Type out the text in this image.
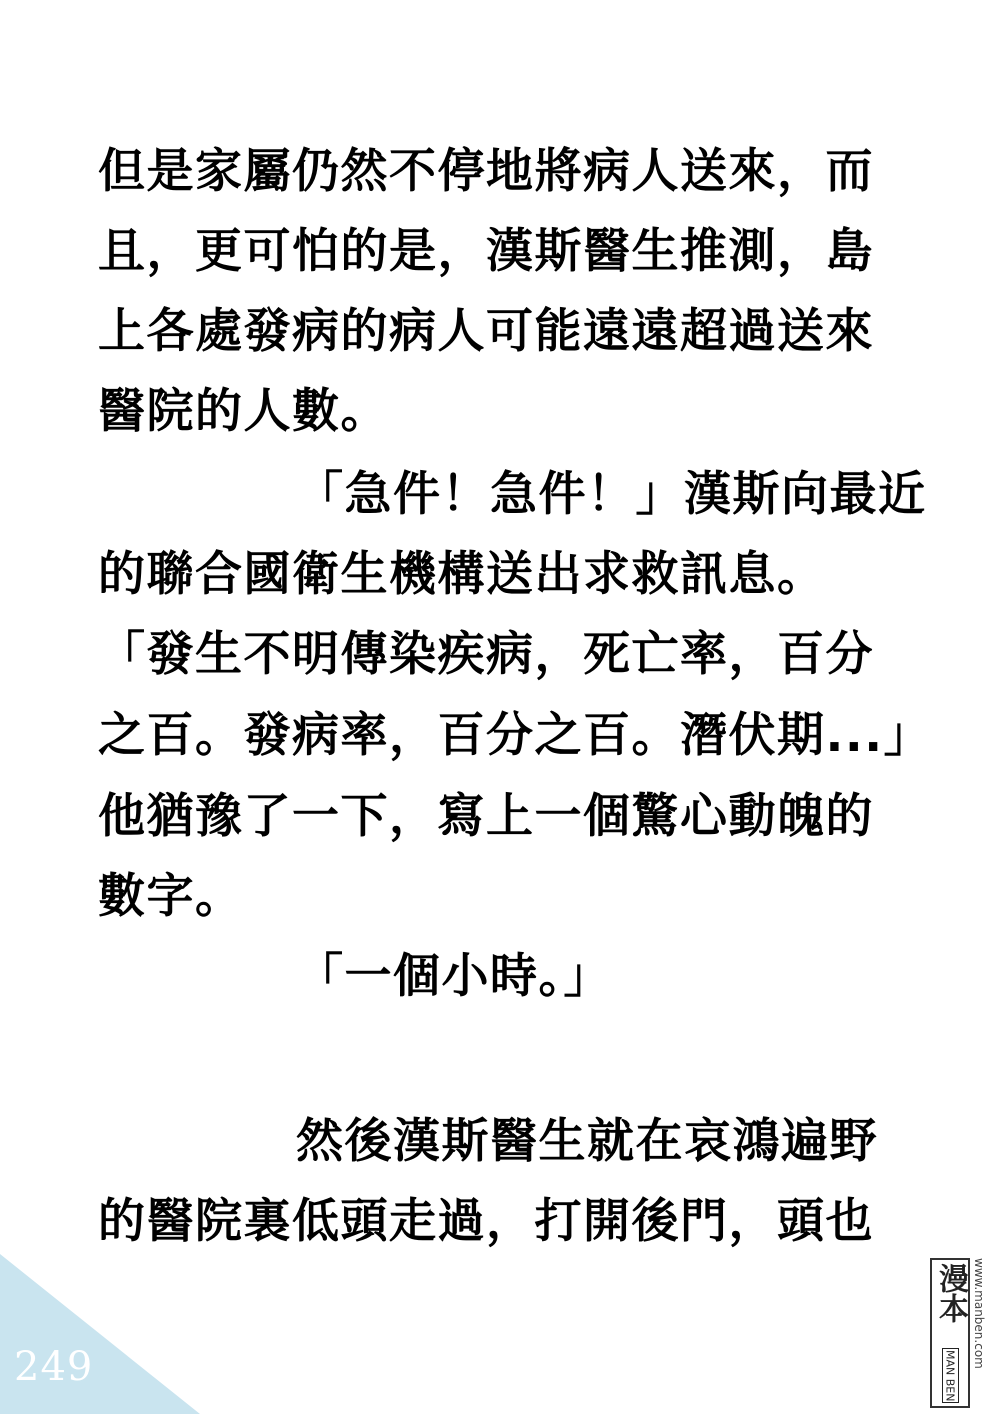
但是家屬仍然不停地將病人送來，而
且，更可怕的是，漢斯醫生推測，島
上各處發病的病人可能遠遠超過送來
醫院的人數。
「急件！急件！」漢斯向最近
的聯合國衛生機構送出求救訊息。
「發生不明傳染疾病，死亡率，百分
之百。發病率，百分之百。潛伏期...」
他猶豫了一下，寫上一個驚心動魄的
數字。
「一個小時。」
然後漢斯醫生就在哀鴻遍野
的醫院裏低頭走過，打開後門，頭也
249
漫本
MAN BEN
www.manben.com
